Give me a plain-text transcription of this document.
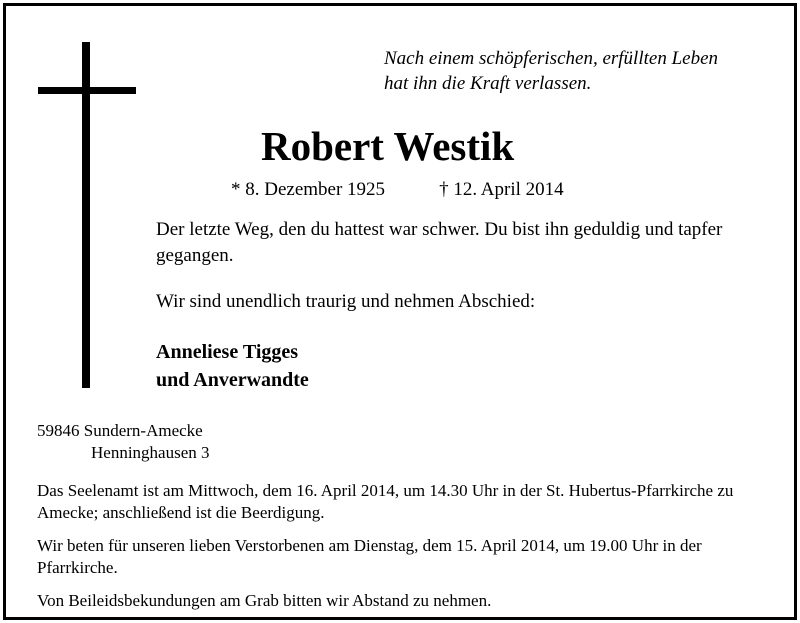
Nach einem schöpferischen, erfüllten Leben
hat ihn die Kraft verlassen.
Robert Westik
* 8. Dezember 1925	† 12. April 2014

Der letzte Weg, den du hattest war schwer. Du bist ihn geduldig und tapfer gegangen.

Wir sind unendlich traurig und nehmen Abschied:

Anneliese Tigges
und Anverwandte
59846 Sundern-Amecke
Henninghausen 3

Das Seelenamt ist am Mittwoch, dem 16. April 2014, um 14.30 Uhr in der St. Hubertus-Pfarrkirche zu Amecke; anschließend ist die Beerdigung.

Wir beten für unseren lieben Verstorbenen am Dienstag, dem 15. April 2014, um 19.00 Uhr in der Pfarrkirche.

Von Beileidsbekundungen am Grab bitten wir Abstand zu nehmen.
